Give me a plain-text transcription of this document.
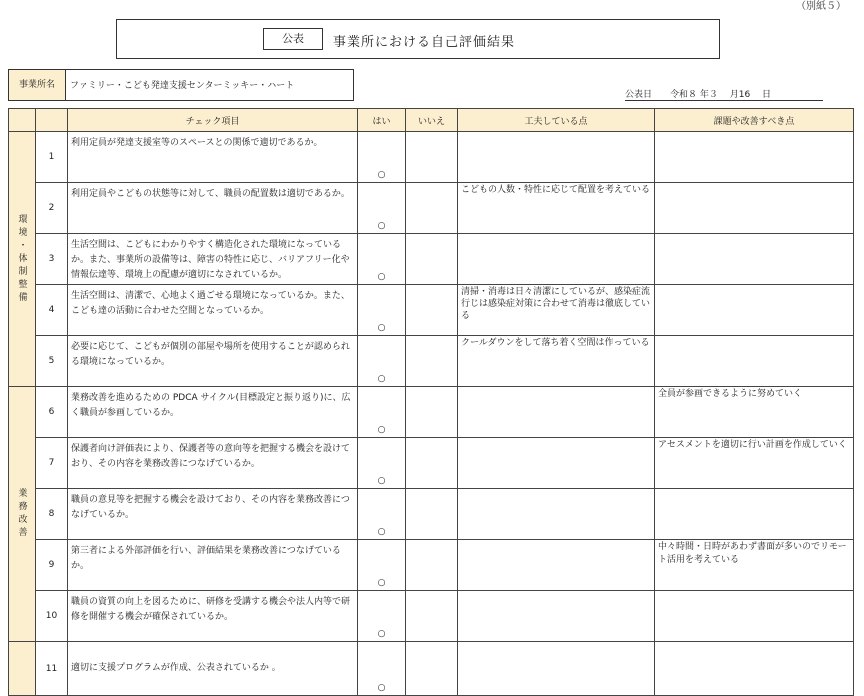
（別紙５）
公表	事業所における自己評価結果
事業所名	ファミリー・こども発達支援センターミッキー・ハート
公表日　　令和８ 年３　 月16　 日
		チェック項目	はい	いいえ	工夫している点	課題や改善すべき点

環境・体制整備	1	利用定員が発達支援室等のスペースとの関係で適切であるか。	○			
	2	利用定員やこどもの状態等に対して、職員の配置数は適切であるか。	○		こどもの人数・特性に応じて配置を考えている	
	3	生活空間は、こどもにわかりやすく構造化された環境になっているか。また、事業所の設備等は、障害の特性に応じ、バリアフリー化や情報伝達等、環境上の配慮が適切になされているか。	○			
	4	生活空間は、清潔で、心地よく過ごせる環境になっているか。また、こども達の活動に合わせた空間となっているか。	○		清掃・消毒は日々清潔にしているが、感染症流行じは感染症対策に合わせて消毒は徹底している	
	5	必要に応じて、こどもが個別の部屋や場所を使用することが認められる環境になっているか。	○		クールダウンをして落ち着く空間は作っている	

業務改善	6	業務改善を進めるための PDCA サイクル(目標設定と振り返り)に、広く職員が参画しているか。	○			全員が参画できるように努めていく
	7	保護者向け評価表により、保護者等の意向等を把握する機会を設けており、その内容を業務改善につなげているか。	○			アセスメントを適切に行い計画を作成していく
	8	職員の意見等を把握する機会を設けており、その内容を業務改善につなげているか。	○			
	9	第三者による外部評価を行い、評価結果を業務改善につなげているか。	○			中々時間・日時があわず書面が多いのでリモート活用を考えている
	10	職員の資質の向上を図るために、研修を受講する機会や法人内等で研修を開催する機会が確保されているか。	○			
	11	適切に支援プログラムが作成、公表されているか 。	○			
